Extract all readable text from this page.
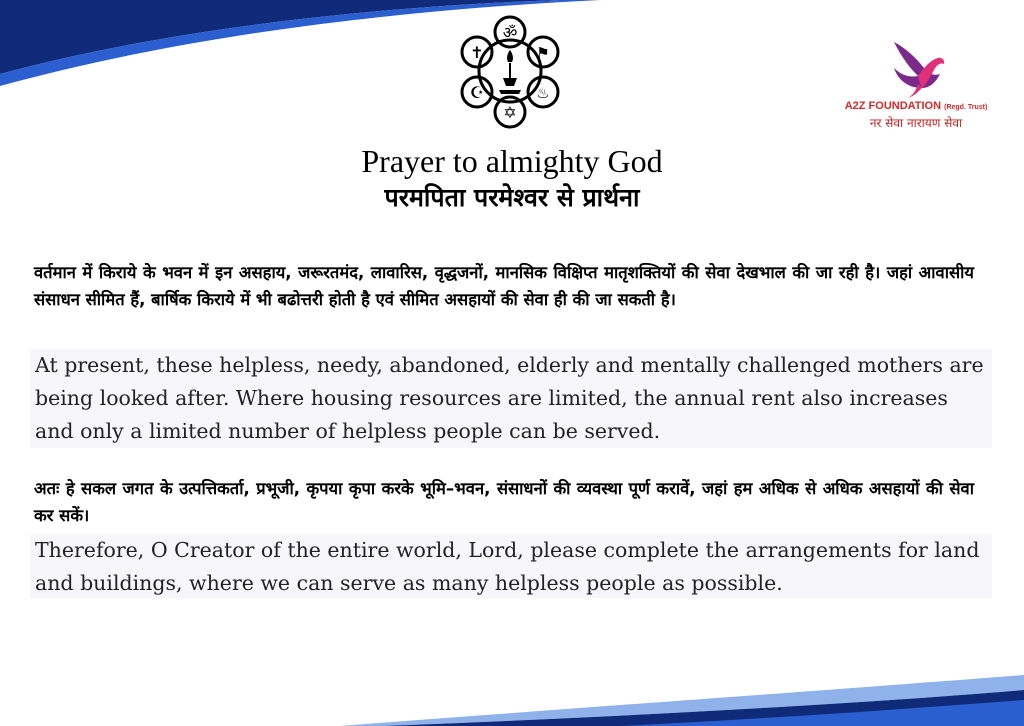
ॐ
✝	⚑
☪	♨
✡	A2Z FOUNDATION (Regd. Trust)
नर सेवा नारायण सेवा
Prayer to almighty God
परमपिता परमेश्वर से प्रार्थना
वर्तमान में किराये के भवन में इन असहाय, जरूरतमंद, लावारिस, वृद्धजनों, मानसिक विक्षिप्त मातृशक्तियों की सेवा देखभाल की जा रही है। जहां आवासीय संसाधन सीमित हैं, बार्षिक किराये में भी बढोत्तरी होती है एवं सीमित असहायों की सेवा ही की जा सकती है।
At present, these helpless, needy, abandoned, elderly and mentally challenged mothers are being looked after. Where housing resources are limited, the annual rent also increases and only a limited number of helpless people can be served.
अतः हे सकल जगत के उत्पत्तिकर्ता, प्रभूजी, कृपया कृपा करके भूमि–भवन, संसाधनों की व्यवस्था पूर्ण करावें, जहां हम अधिक से अधिक असहायों की सेवा कर सकें।
Therefore, O Creator of the entire world, Lord, please complete the arrangements for land and buildings, where we can serve as many helpless people as possible.
